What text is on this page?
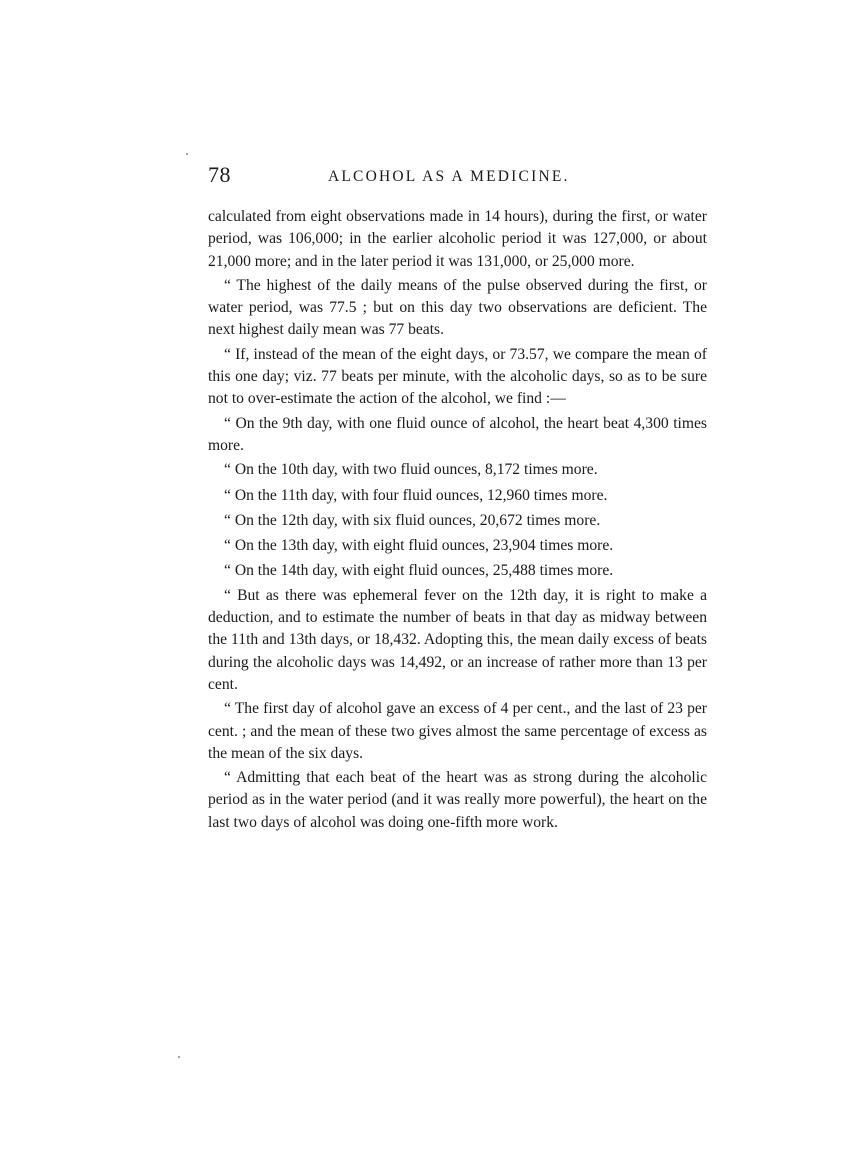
78	ALCOHOL AS A MEDICINE.

calculated from eight observations made in 14 hours), during the first, or water period, was 106,000; in the earlier alcoholic period it was 127,000, or about 21,000 more; and in the later period it was 131,000, or 25,000 more.

“ The highest of the daily means of the pulse observed during the first, or water period, was 77.5 ; but on this day two observations are deficient. The next highest daily mean was 77 beats.

“ If, instead of the mean of the eight days, or 73.57, we compare the mean of this one day; viz. 77 beats per minute, with the alcoholic days, so as to be sure not to over-estimate the action of the alcohol, we find :—

“ On the 9th day, with one fluid ounce of alcohol, the heart beat 4,300 times more.

“ On the 10th day, with two fluid ounces, 8,172 times more.

“ On the 11th day, with four fluid ounces, 12,960 times more.

“ On the 12th day, with six fluid ounces, 20,672 times more.

“ On the 13th day, with eight fluid ounces, 23,904 times more.

“ On the 14th day, with eight fluid ounces, 25,488 times more.

“ But as there was ephemeral fever on the 12th day, it is right to make a deduction, and to estimate the number of beats in that day as midway between the 11th and 13th days, or 18,432. Adopting this, the mean daily excess of beats during the alcoholic days was 14,492, or an increase of rather more than 13 per cent.

“ The first day of alcohol gave an excess of 4 per cent., and the last of 23 per cent. ; and the mean of these two gives almost the same percentage of excess as the mean of the six days.

“ Admitting that each beat of the heart was as strong during the alcoholic period as in the water period (and it was really more powerful), the heart on the last two days of alcohol was doing one-fifth more work.
